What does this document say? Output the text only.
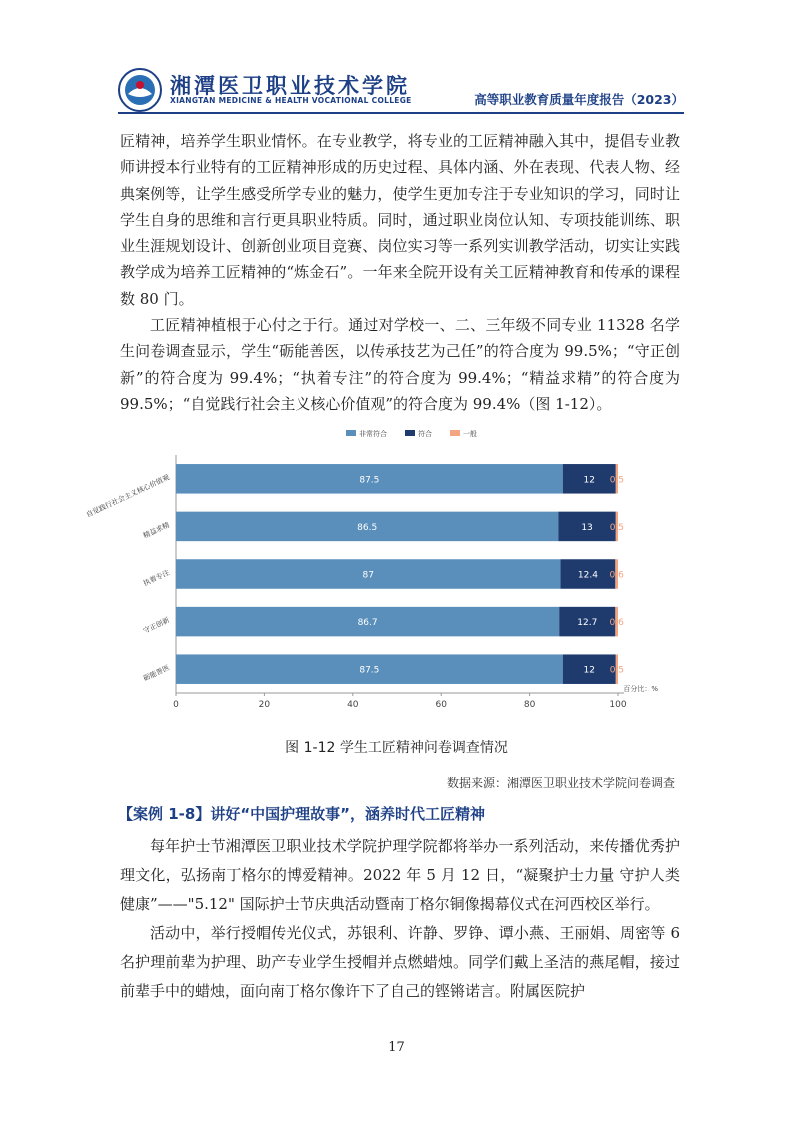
湘潭医卫职业技术学院
XIANGTAN MEDICINE & HEALTH VOCATIONAL COLLEGE	高等职业教育质量年度报告（2023）

匠精神，培养学生职业情怀。在专业教学，将专业的工匠精神融入其中，提倡专业教师讲授本行业特有的工匠精神形成的历史过程、具体内涵、外在表现、代表人物、经典案例等，让学生感受所学专业的魅力，使学生更加专注于专业知识的学习，同时让学生自身的思维和言行更具职业特质。同时，通过职业岗位认知、专项技能训练、职业生涯规划设计、创新创业项目竞赛、岗位实习等一系列实训教学活动，切实让实践教学成为培养工匠精神的“炼金石”。一年来全院开设有关工匠精神教育和传承的课程数 80 门。

工匠精神植根于心付之于行。通过对学校一、二、三年级不同专业 11328 名学生问卷调查显示，学生“砺能善医，以传承技艺为己任”的符合度为 99.5%；“守正创新”的符合度为 99.4%；“执着专注”的符合度为 99.4%；“精益求精”的符合度为 99.5%；“自觉践行社会主义核心价值观”的符合度为 99.4%（图 1-12）。

非常符合	符合	一般
0	20	40	60	80	100
百分比：%
87.5	12 0.5
自觉践行社会主义核心价值观
86.5	13 0.5
精益求精
87	12.4 0.6
执着专注
86.7	12.7 0.6
守正创新
87.5	12 0.5
砺能善医
图 1-12 学生工匠精神问卷调查情况
数据来源：湘潭医卫职业技术学院问卷调查
【案例 1-8】讲好“中国护理故事”，涵养时代工匠精神

每年护士节湘潭医卫职业技术学院护理学院都将举办一系列活动，来传播优秀护理文化，弘扬南丁格尔的博爱精神。2022 年 5 月 12 日，“凝聚护士力量 守护人类健康”——"5.12" 国际护士节庆典活动暨南丁格尔铜像揭幕仪式在河西校区举行。

活动中，举行授帽传光仪式，苏银利、许静、罗铮、谭小燕、王丽娟、周密等 6 名护理前辈为护理、助产专业学生授帽并点燃蜡烛。同学们戴上圣洁的燕尾帽，接过前辈手中的蜡烛，面向南丁格尔像许下了自己的铿锵诺言。附属医院护

17
